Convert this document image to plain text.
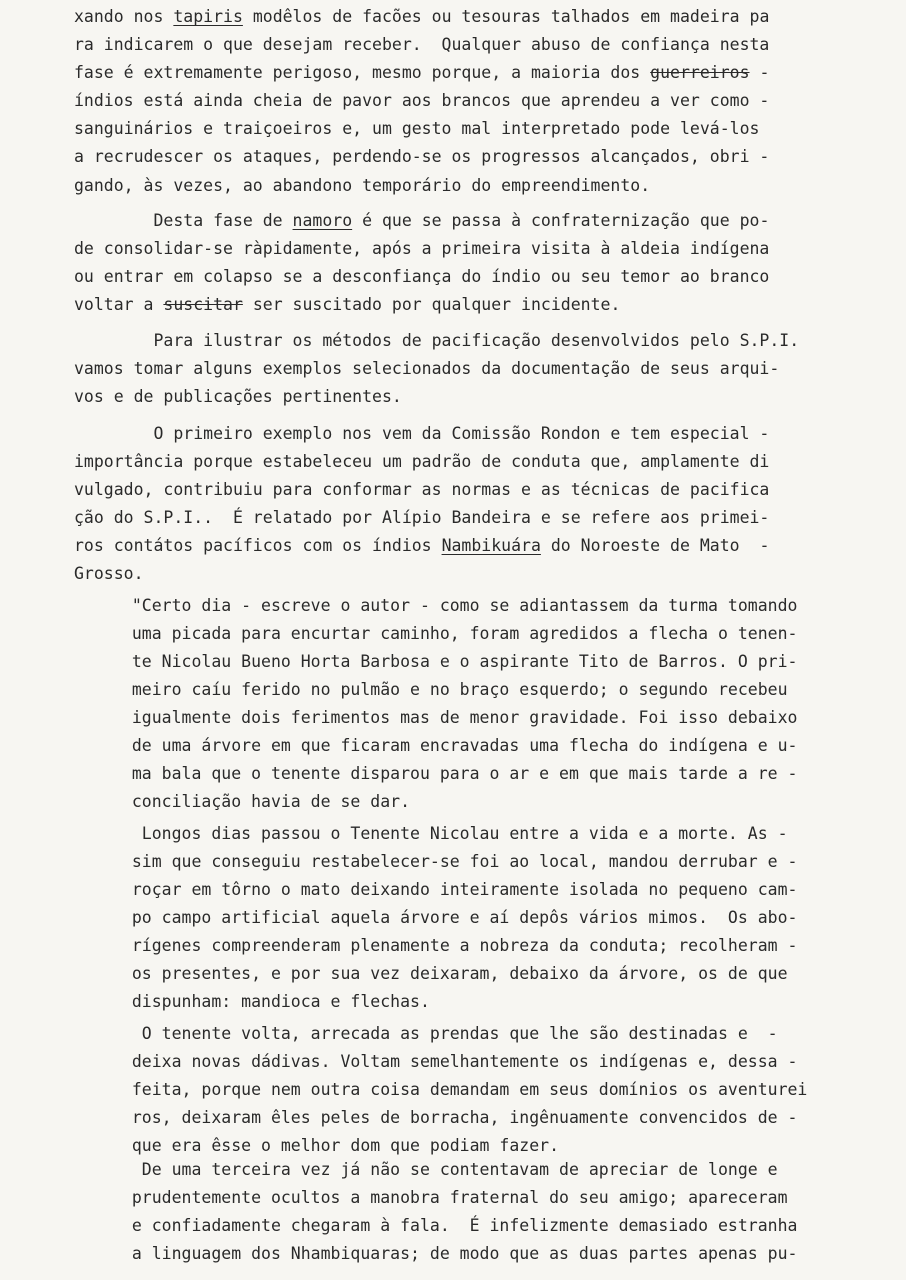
xando nos tapiris modêlos de facões ou tesouras talhados em madeira pa
ra indicarem o que desejam receber.  Qualquer abuso de confiança nesta
fase é extremamente perigoso, mesmo porque, a maioria dos guerreiros -
índios está ainda cheia de pavor aos brancos que aprendeu a ver como -
sanguinários e traiçoeiros e, um gesto mal interpretado pode levá-los
a recrudescer os ataques, perdendo-se os progressos alcançados, obri -
gando, às vezes, ao abandono temporário do empreendimento.
Desta fase de namoro é que se passa à confraternização que po-
de consolidar-se ràpidamente, após a primeira visita à aldeia indígena
ou entrar em colapso se a desconfiança do índio ou seu temor ao branco
voltar a suscitar ser suscitado por qualquer incidente.
Para ilustrar os métodos de pacificação desenvolvidos pelo S.P.I.
vamos tomar alguns exemplos selecionados da documentação de seus arqui-
vos e de publicações pertinentes.
O primeiro exemplo nos vem da Comissão Rondon e tem especial -
importância porque estabeleceu um padrão de conduta que, amplamente di
vulgado, contribuiu para conformar as normas e as técnicas de pacifica
ção do S.P.I..  É relatado por Alípio Bandeira e se refere aos primei-
ros contátos pacíficos com os índios Nambikuára do Noroeste de Mato  -
Grosso.
"Certo dia - escreve o autor - como se adiantassem da turma tomando
uma picada para encurtar caminho, foram agredidos a flecha o tenen-
te Nicolau Bueno Horta Barbosa e o aspirante Tito de Barros. O pri-
meiro caíu ferido no pulmão e no braço esquerdo; o segundo recebeu
igualmente dois ferimentos mas de menor gravidade. Foi isso debaixo
de uma árvore em que ficaram encravadas uma flecha do indígena e u-
ma bala que o tenente disparou para o ar e em que mais tarde a re -
conciliação havia de se dar.
Longos dias passou o Tenente Nicolau entre a vida e a morte. As -
sim que conseguiu restabelecer-se foi ao local, mandou derrubar e -
roçar em tôrno o mato deixando inteiramente isolada no pequeno cam-
po campo artificial aquela árvore e aí depôs vários mimos.  Os abo-
rígenes compreenderam plenamente a nobreza da conduta; recolheram -
os presentes, e por sua vez deixaram, debaixo da árvore, os de que
dispunham: mandioca e flechas.
O tenente volta, arrecada as prendas que lhe são destinadas e  -
deixa novas dádivas. Voltam semelhantemente os indígenas e, dessa -
feita, porque nem outra coisa demandam em seus domínios os aventurei
ros, deixaram êles peles de borracha, ingênuamente convencidos de -
que era êsse o melhor dom que podiam fazer.
De uma terceira vez já não se contentavam de apreciar de longe e
prudentemente ocultos a manobra fraternal do seu amigo; apareceram
e confiadamente chegaram à fala.  É infelizmente demasiado estranha
a linguagem dos Nhambiquaras; de modo que as duas partes apenas pu-
